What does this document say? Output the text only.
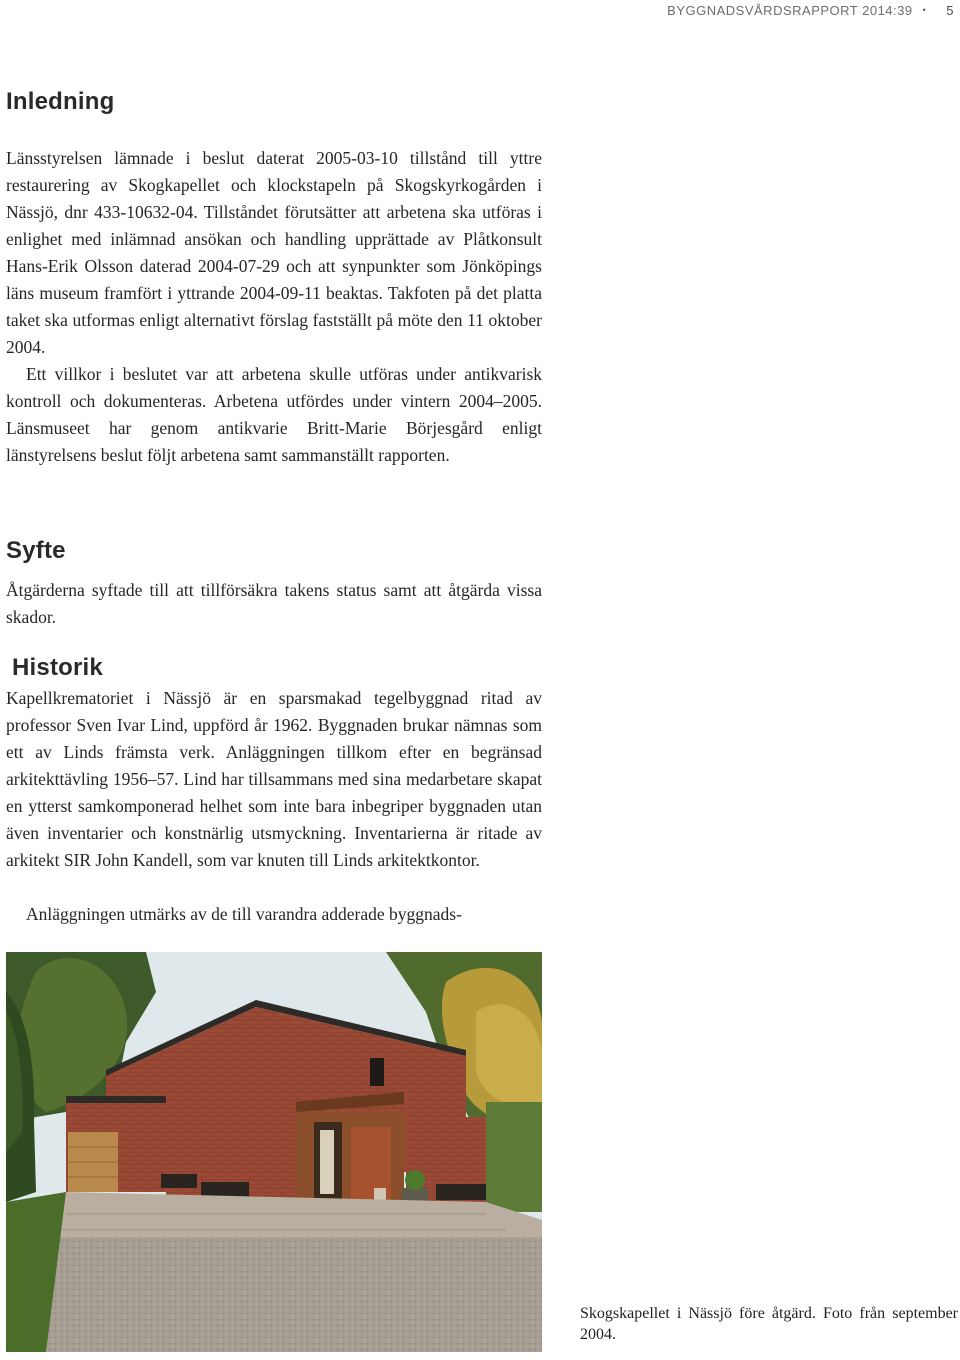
BYGGNADSVÅRDSRAPPORT 2014:39 • 5
Inledning

Länsstyrelsen lämnade i beslut daterat 2005-03-10 tillstånd till yttre restaurering av Skogkapellet och klockstapeln på Skogskyrkogården i Nässjö, dnr 433-10632-04. Tillståndet förutsätter att arbetena ska utföras i enlighet med inlämnad ansökan och handling upprättade av Plåtkonsult Hans-Erik Olsson daterad 2004-07-29 och att synpunkter som Jönköpings läns museum framfört i yttrande 2004-09-11 beaktas. Takfoten på det platta taket ska utformas enligt alternativt förslag fastställt på möte den 11 oktober 2004.

Ett villkor i beslutet var att arbetena skulle utföras under antikvarisk kontroll och dokumenteras. Arbetena utfördes under vintern 2004–2005. Länsmuseet har genom antikvarie Britt-Marie Börjesgård enligt länstyrelsens beslut följt arbetena samt sammanställt rapporten.

Syfte

Åtgärderna syftade till att tillförsäkra takens status samt att åtgärda vissa skador.

Historik

Kapellkrematoriet i Nässjö är en sparsmakad tegelbyggnad ritad av professor Sven Ivar Lind, uppförd år 1962. Byggnaden brukar nämnas som ett av Linds främsta verk. Anläggningen tillkom efter en begränsad arkitekttävling 1956–57. Lind har tillsammans med sina medarbetare skapat en ytterst samkomponerad helhet som inte bara inbegriper byggnaden utan även inventarier och konstnärlig utsmyckning. Inventarierna är ritade av arkitekt SIR John Kandell, som var knuten till Linds arkitektkontor.

Anläggningen utmärks av de till varandra adderade byggnads-

Skogskapellet i Nässjö före åtgärd. Foto från september 2004.
